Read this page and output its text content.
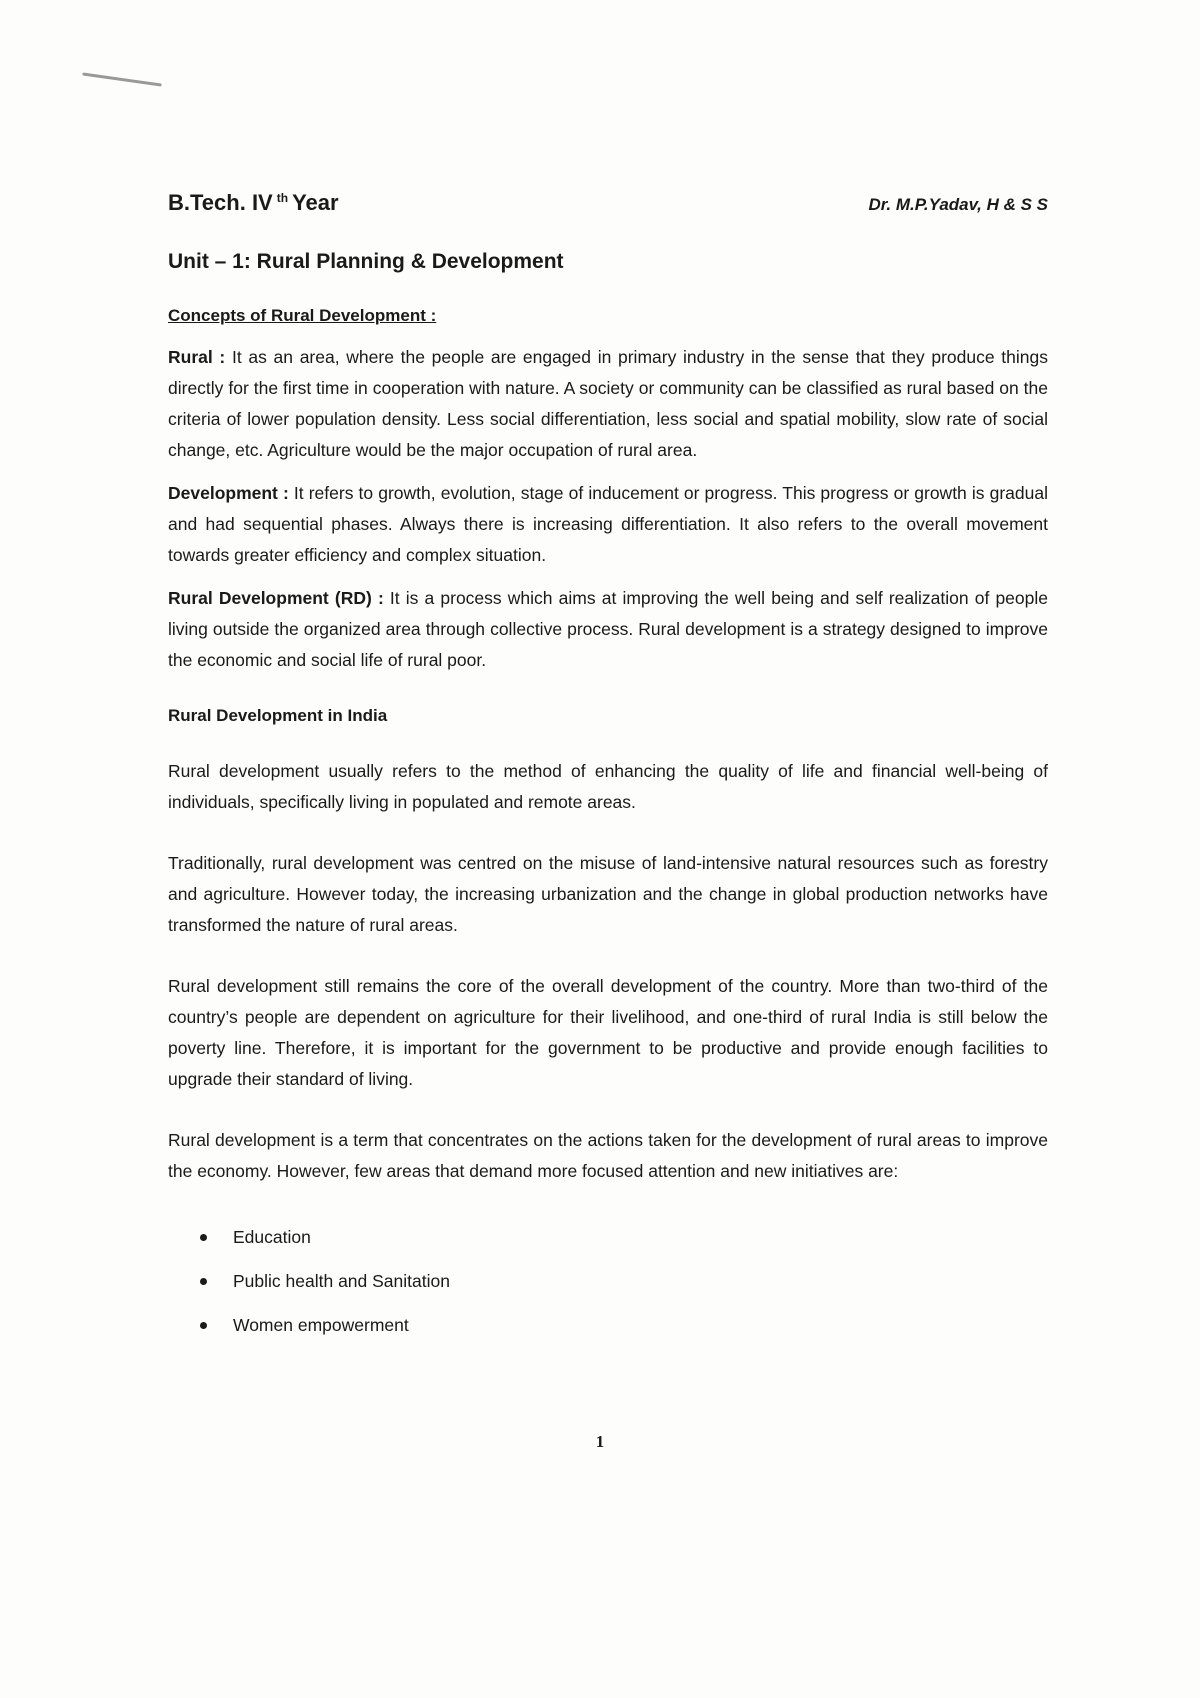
B.Tech. IV $^{th}$ Year	Dr. M.P.Yadav, H & S S
Unit – 1: Rural Planning & Development
Concepts of Rural Development :

Rural : It as an area, where the people are engaged in primary industry in the sense that they produce things directly for the first time in cooperation with nature. A society or community can be classified as rural based on the criteria of lower population density. Less social differentiation, less social and spatial mobility, slow rate of social change, etc. Agriculture would be the major occupation of rural area.

Development : It refers to growth, evolution, stage of inducement or progress. This progress or growth is gradual and had sequential phases. Always there is increasing differentiation. It also refers to the overall movement towards greater efficiency and complex situation.

Rural Development (RD) : It is a process which aims at improving the well being and self realization of people living outside the organized area through collective process. Rural development is a strategy designed to improve the economic and social life of rural poor.

Rural Development in India

Rural development usually refers to the method of enhancing the quality of life and financial well-being of individuals, specifically living in populated and remote areas.

Traditionally, rural development was centred on the misuse of land-intensive natural resources such as forestry and agriculture. However today, the increasing urbanization and the change in global production networks have transformed the nature of rural areas.

Rural development still remains the core of the overall development of the country. More than two-third of the country’s people are dependent on agriculture for their livelihood, and one-third of rural India is still below the poverty line. Therefore, it is important for the government to be productive and provide enough facilities to upgrade their standard of living.

Rural development is a term that concentrates on the actions taken for the development of rural areas to improve the economy. However, few areas that demand more focused attention and new initiatives are:

Education
Public health and Sanitation
Women empowerment
1
